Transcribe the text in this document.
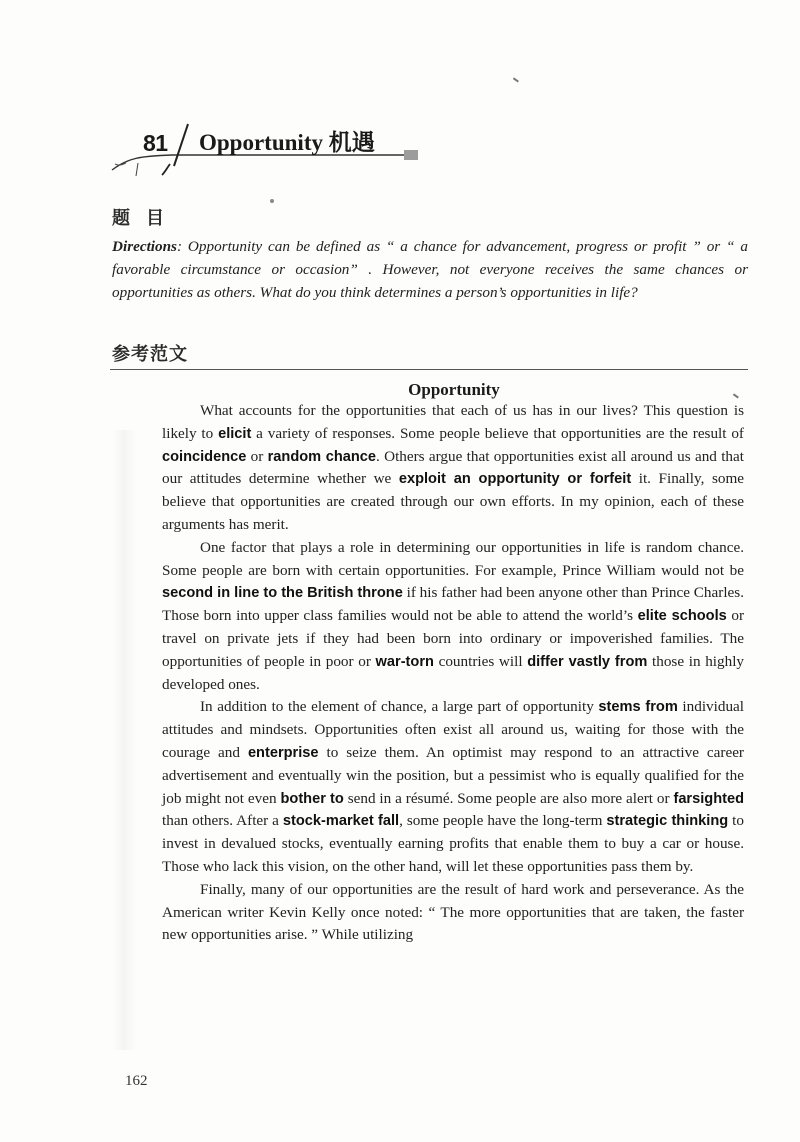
81 Opportunity 机遇
题目
Directions: Opportunity can be defined as “ a chance for advancement, progress or profit ” or “ a favorable circumstance or occasion” . However, not everyone receives the same chances or opportunities as others. What do you think determines a person’s opportunities in life?
参考范文
Opportunity

What accounts for the opportunities that each of us has in our lives? This question is likely to elicit a variety of responses. Some people believe that opportunities are the result of coincidence or random chance. Others argue that opportunities exist all around us and that our attitudes determine whether we exploit an opportunity or forfeit it. Finally, some believe that opportunities are created through our own efforts. In my opinion, each of these arguments has merit.

One factor that plays a role in determining our opportunities in life is random chance. Some people are born with certain opportunities. For example, Prince William would not be second in line to the British throne if his father had been anyone other than Prince Charles. Those born into upper class families would not be able to attend the world’s elite schools or travel on private jets if they had been born into ordinary or impoverished families. The opportunities of people in poor or war-torn countries will differ vastly from those in highly developed ones.

In addition to the element of chance, a large part of opportunity stems from individual attitudes and mindsets. Opportunities often exist all around us, waiting for those with the courage and enterprise to seize them. An optimist may respond to an attractive career advertisement and eventually win the position, but a pessimist who is equally qualified for the job might not even bother to send in a résumé. Some people are also more alert or farsighted than others. After a stock-market fall, some people have the long-term strategic thinking to invest in devalued stocks, eventually earning profits that enable them to buy a car or house. Those who lack this vision, on the other hand, will let these opportunities pass them by.

Finally, many of our opportunities are the result of hard work and perseverance. As the American writer Kevin Kelly once noted: “ The more opportunities that are taken, the faster new opportunities arise. ” While utilizing

162
